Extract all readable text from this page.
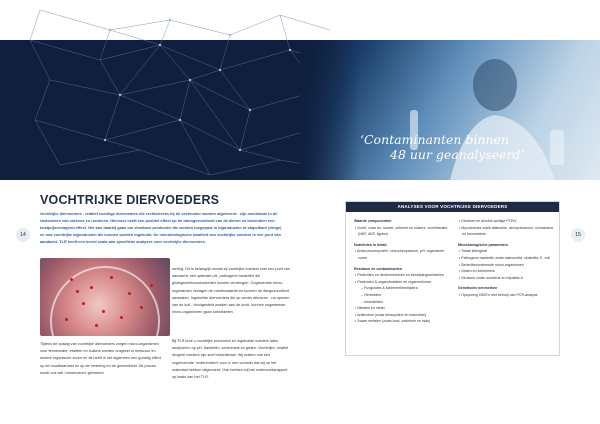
‘Contaminanten binnen
48 uur geanalyseerd’
14	15
VOCHTRIJKE DIERVOEDERS
Vochtrijke diervoeders - relatief vochtige diervoeders die rechtstreeks bij de veehouder worden afgeleverd - zijn onmisbaar in de rantsoenen van varkens en runderen. Hiervoor heeft een positief effect op de darmgezondheid van de dieren en bovendien een kostprijsverlagend effect. Het kan daarbij gaan om vloeibare producten die worden toegepast in bijproducten of stapelbare (droge) en ook vochtrijke bijproducten die kunnen worden ingekuild. De microbiologische kwaliteit van vochtrijke voeders is een punt van aandacht. TLR heeft een breed scala aan specifieke analyses voor vochtrijke diervoeders.
Tijdens de opslag van vochtrijke diervoeders zorgen micro-organismen voor fermentatie; eiwitten en suikers worden omgezet in melkzuur en andere organische zuren en dit heeft in het algemeen een gunstig effect op de houdbaarheid en op de vertering en de gezondheid. Dit proces wordt ook wel 'conserveren' genoemd.
wering. Dit is belangrijk omdat zij vochtrijke voeders snel een punt van aandacht; een optimale pH, pathogene bacteriën die gistingsmelkzuurbacteriën kunnen verdringen. Ongewenste micro-organismen verlagen de voederwaarde en kunnen de diergezondheid aantasten. Ingekuilde diervoeders die op verder afvoeren - na openen van de kuil - blootgesteld worden aan de lucht, kunnen ongewenste micro-organismen gaan ontwikkelen.
Bij TLR kunt u vochtrijke producten en ingekuilde voeders laten analyseren op pH, bacteriën, schimmels en gisten. Vochtrijke, relatief drogere voeders zijn snel beschikbaar. Wij maken ook een zogenoemde 'onderzoeken' voor u; een voorstel dat wij op het materiaal hebben uitgevoerd. Ook hebben wij het onderzoeksrapport op basis van het TLR.
ANALYSES VOOR VOCHTRIJKE DIERVOEDERS
Waarde componenten
• Vocht, ruwe as, ruwvet, zetmeel en suikers, vezelfracties (NDF, ADF, lignine)
Nutriënten in detail
• Aminozuurenprofiel, vetzuurenpatroon, pH, organische zuren
Residuen en contaminanten
• Pesticiden en dioxineresiduen en bestrijdingsmiddelen
• Pesticiden & organofosfaten en organochloren
– Fungicides & schimmelbestrijders
– Herbiciden
– Insecticiden
• Nitraten en nitriet
• Antibiotica (zoals tetracycline en macrolide)
• Zware metalen (zoals lood, cadmium en kwik)
• Dioxinen en dioxine-achtige PCB's
• Mycotoxines zoals aflatoxine, deoxynivalenol, ochratoxine en fumonisinen
Microbiologische parameters
• Totaal kiemgetal
• Pathogene bacteriën zoals salmonella, clostridia, E. coli
• Bederfbevorderende micro-organismen
• Gisten en schimmels
• Virussen zoals norovirus en hepatitis A
Genetische kenmerken
• Opsporing GMO's met behulp van PCR-analyse
